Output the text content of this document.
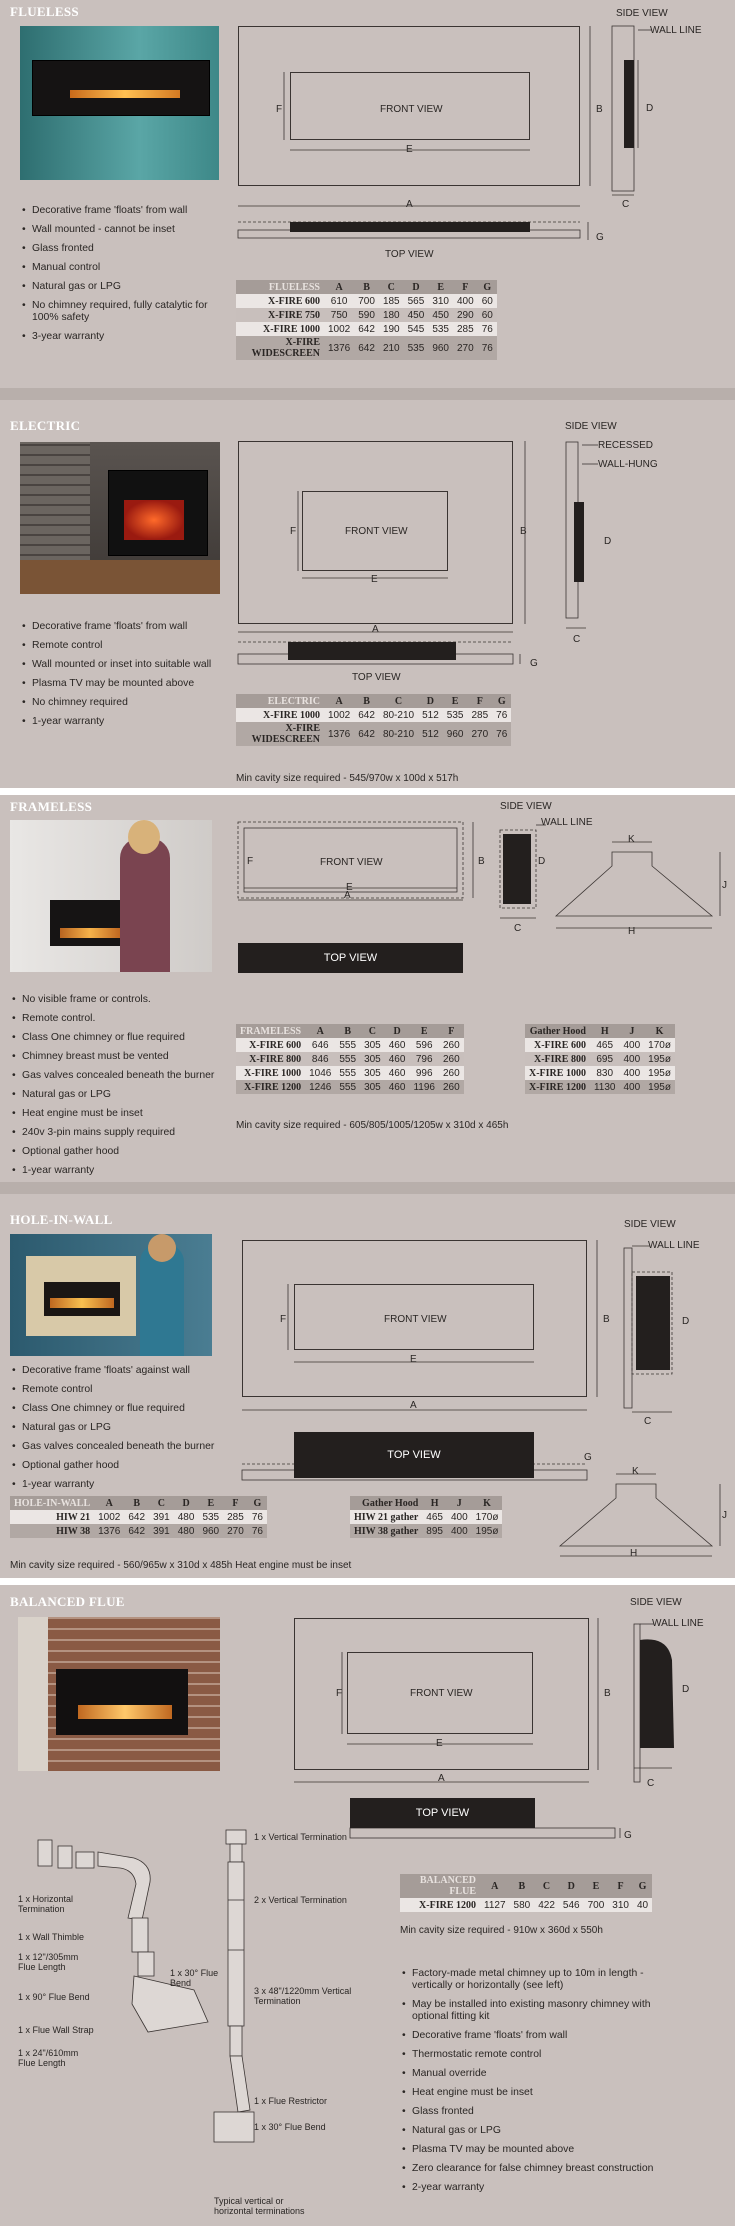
FLUELESS
• Decorative frame 'floats' from wall
• Wall mounted - cannot be inset
• Glass fronted
• Manual control
• Natural gas or LPG
• No chimney required, fully catalytic for 100% safety
• 3-year warranty
FRONT VIEW
F
E
B
A
TOP VIEW
SIDE VIEW
WALL LINE
D
C
G
FLUELESS	A	B	C	D	E	F	G
X-FIRE 600	610	700	185	565	310	400	60
X-FIRE 750	750	590	180	450	450	290	60
X-FIRE 1000	1002	642	190	545	535	285	76
X-FIRE WIDESCREEN	1376	642	210	535	960	270	76
ELECTRIC
• Decorative frame 'floats' from wall
• Remote control
• Wall mounted or inset into suitable wall
• Plasma TV may be mounted above
• No chimney required
• 1-year warranty
FRONT VIEW
F
E
B
A
TOP VIEW
G
SIDE VIEW
RECESSED
WALL-HUNG
D
C
ELECTRIC	A	B	C	D	E	F	G
X-FIRE 1000	1002	642	80-210	512	535	285	76
X-FIRE WIDESCREEN	1376	642	80-210	512	960	270	76
Min cavity size required - 545/970w x 100d x 517h
FRAMELESS
• No visible frame or controls.
• Remote control.
• Class One chimney or flue required
• Chimney breast must be vented
• Gas valves concealed beneath the burner
• Natural gas or LPG
• Heat engine must be inset
• 240v 3-pin mains supply required
• Optional gather hood
• 1-year warranty
FRONT VIEW
F
E
A
B	D
C
SIDE VIEW
WALL LINE
K
J
H
TOP VIEW
FRAMELESS	A	B	C	D	E	F
X-FIRE 600	646	555	305	460	596	260
X-FIRE 800	846	555	305	460	796	260
X-FIRE 1000	1046	555	305	460	996	260
X-FIRE 1200	1246	555	305	460	1196	260
Gather Hood	H	J	K
X-FIRE 600	465	400	170ø
X-FIRE 800	695	400	195ø
X-FIRE 1000	830	400	195ø
X-FIRE 1200	1130	400	195ø
Min cavity size required - 605/805/1005/1205w x 310d x 465h
HOLE-IN-WALL
• Decorative frame 'floats' against wall
• Remote control
• Class One chimney or flue required
• Natural gas or LPG
• Gas valves concealed beneath the burner
• Optional gather hood
• 1-year warranty
FRONT VIEW
F
E
B
A
TOP VIEW	G
SIDE VIEW
WALL LINE
D
C
K
J
H
HOLE-IN-WALL	A	B	C	D	E	F	G
HIW 21	1002	642	391	480	535	285	76
HIW 38	1376	642	391	480	960	270	76
Gather Hood	H	J	K
HIW 21 gather	465	400	170ø
HIW 38 gather	895	400	195ø
Min cavity size required - 560/965w x 310d x 485h Heat engine must be inset
BALANCED FLUE
FRONT VIEW
F
E
B
A
TOP VIEW
G
SIDE VIEW
WALL LINE
D
C
1 x Horizontal Termination
1 x Wall Thimble
1 x 12"/305mm Flue Length
1 x 90° Flue Bend
1 x Flue Wall Strap
1 x 24"/610mm Flue Length
1 x 30° Flue Bend
1 x Vertical Termination
2 x Vertical Termination
3 x 48"/1220mm Vertical Termination
1 x Flue Restrictor
1 x 30° Flue Bend
Typical vertical or horizontal terminations
BALANCED FLUE	A	B	C	D	E	F	G
X-FIRE 1200	1127	580	422	546	700	310	40
Min cavity size required - 910w x 360d x 550h
• Factory-made metal chimney up to 10m in length - vertically or horizontally (see left)
• May be installed into existing masonry chimney with optional fitting kit
• Decorative frame 'floats' from wall
• Thermostatic remote control
• Manual override
• Heat engine must be inset
• Glass fronted
• Natural gas or LPG
• Plasma TV may be mounted above
• Zero clearance for false chimney breast construction
• 2-year warranty
